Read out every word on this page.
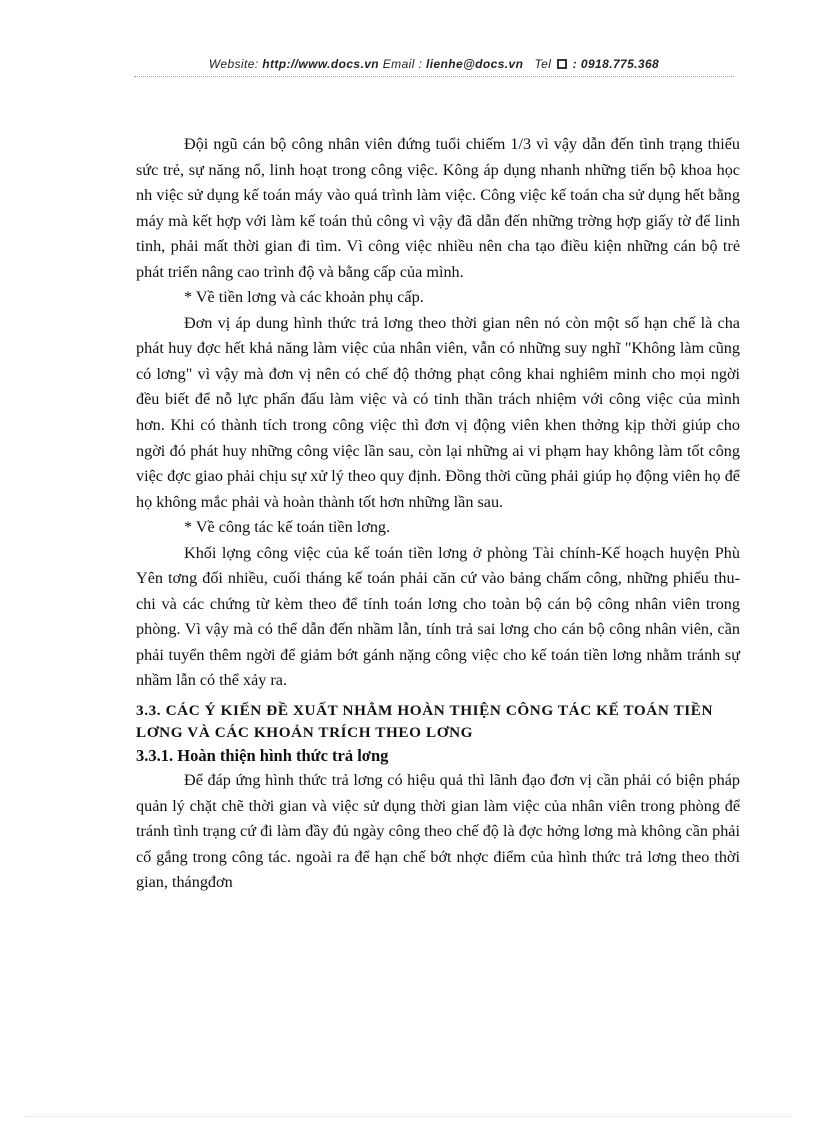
Website: http://www.docs.vn Email : lienhe@docs.vn Tel : 0918.775.368

Đội ngũ cán bộ công nhân viên đứng tuổi chiếm 1/3 vì vậy dẫn đến tình trạng thiếu sức trẻ, sự năng nổ, linh hoạt trong công việc. Kông áp dụng nhanh những tiến bộ khoa học nh việc sử dụng kế toán máy vào quá trình làm việc. Công việc kế toán cha sử dụng hết bằng máy mà kết hợp với làm kế toán thủ công vì vậy đã dẫn đến những trờng hợp giấy tờ để linh tinh, phải mất thời gian đi tìm. Vì công việc nhiều nên cha tạo điều kiện những cán bộ trẻ phát triển nâng cao trình độ và bằng cấp của mình.

* Về tiền lơng và các khoản phụ cấp.

Đơn vị áp dung hình thức trả lơng theo thời gian nên nó còn một số hạn chế là cha phát huy đợc hết khả năng làm việc của nhân viên, vẫn có những suy nghĩ "Không làm cũng có lơng" vì vậy mà đơn vị nên có chế độ thởng phạt công khai nghiêm minh cho mọi ngời đều biết để nỗ lực phấn đấu làm việc và có tinh thần trách nhiệm với công việc của mình hơn. Khi có thành tích trong công việc thì đơn vị động viên khen thởng kịp thời giúp cho ngời đó phát huy những công việc lần sau, còn lại những ai vi phạm hay không làm tốt công việc đợc giao phải chịu sự xử lý theo quy định. Đồng thời cũng phải giúp họ động viên họ để họ không mắc phải và hoàn thành tốt hơn những lần sau.

* Về công tác kế toán tiền lơng.

Khối lợng công việc của kế toán tiền lơng ở phòng Tài chính-Kế hoạch huyện Phù Yên tơng đối nhiều, cuối tháng kế toán phải căn cứ vào bảng chấm công, những phiếu thu-chi và các chứng từ kèm theo để tính toán lơng cho toàn bộ cán bộ công nhân viên trong phòng. Vì vậy mà có thể dẫn đến nhầm lẫn, tính trả sai lơng cho cán bộ công nhân viên, cần phải tuyển thêm ngời để giảm bớt gánh nặng công việc cho kế toán tiền lơng nhằm tránh sự nhầm lẫn có thể xảy ra.

3.3. CÁC Ý KIẾN ĐỀ XUẤT NHẰM HOÀN THIỆN CÔNG TÁC KẾ TOÁN TIỀN LƠNG VÀ CÁC KHOẢN TRÍCH THEO LƠNG

3.3.1. Hoàn thiện hình thức trả lơng

Để đáp ứng hình thức trả lơng có hiệu quả thì lãnh đạo đơn vị cần phải có biện pháp quản lý chặt chẽ thời gian và việc sử dụng thời gian làm việc của nhân viên trong phòng để tránh tình trạng cứ đi làm đầy đủ ngày công theo chế độ là đợc hởng lơng mà không cần phải cố gắng trong công tác. ngoài ra để hạn chế bớt nhợc điểm của hình thức trả lơng theo thời gian, thángđơn
